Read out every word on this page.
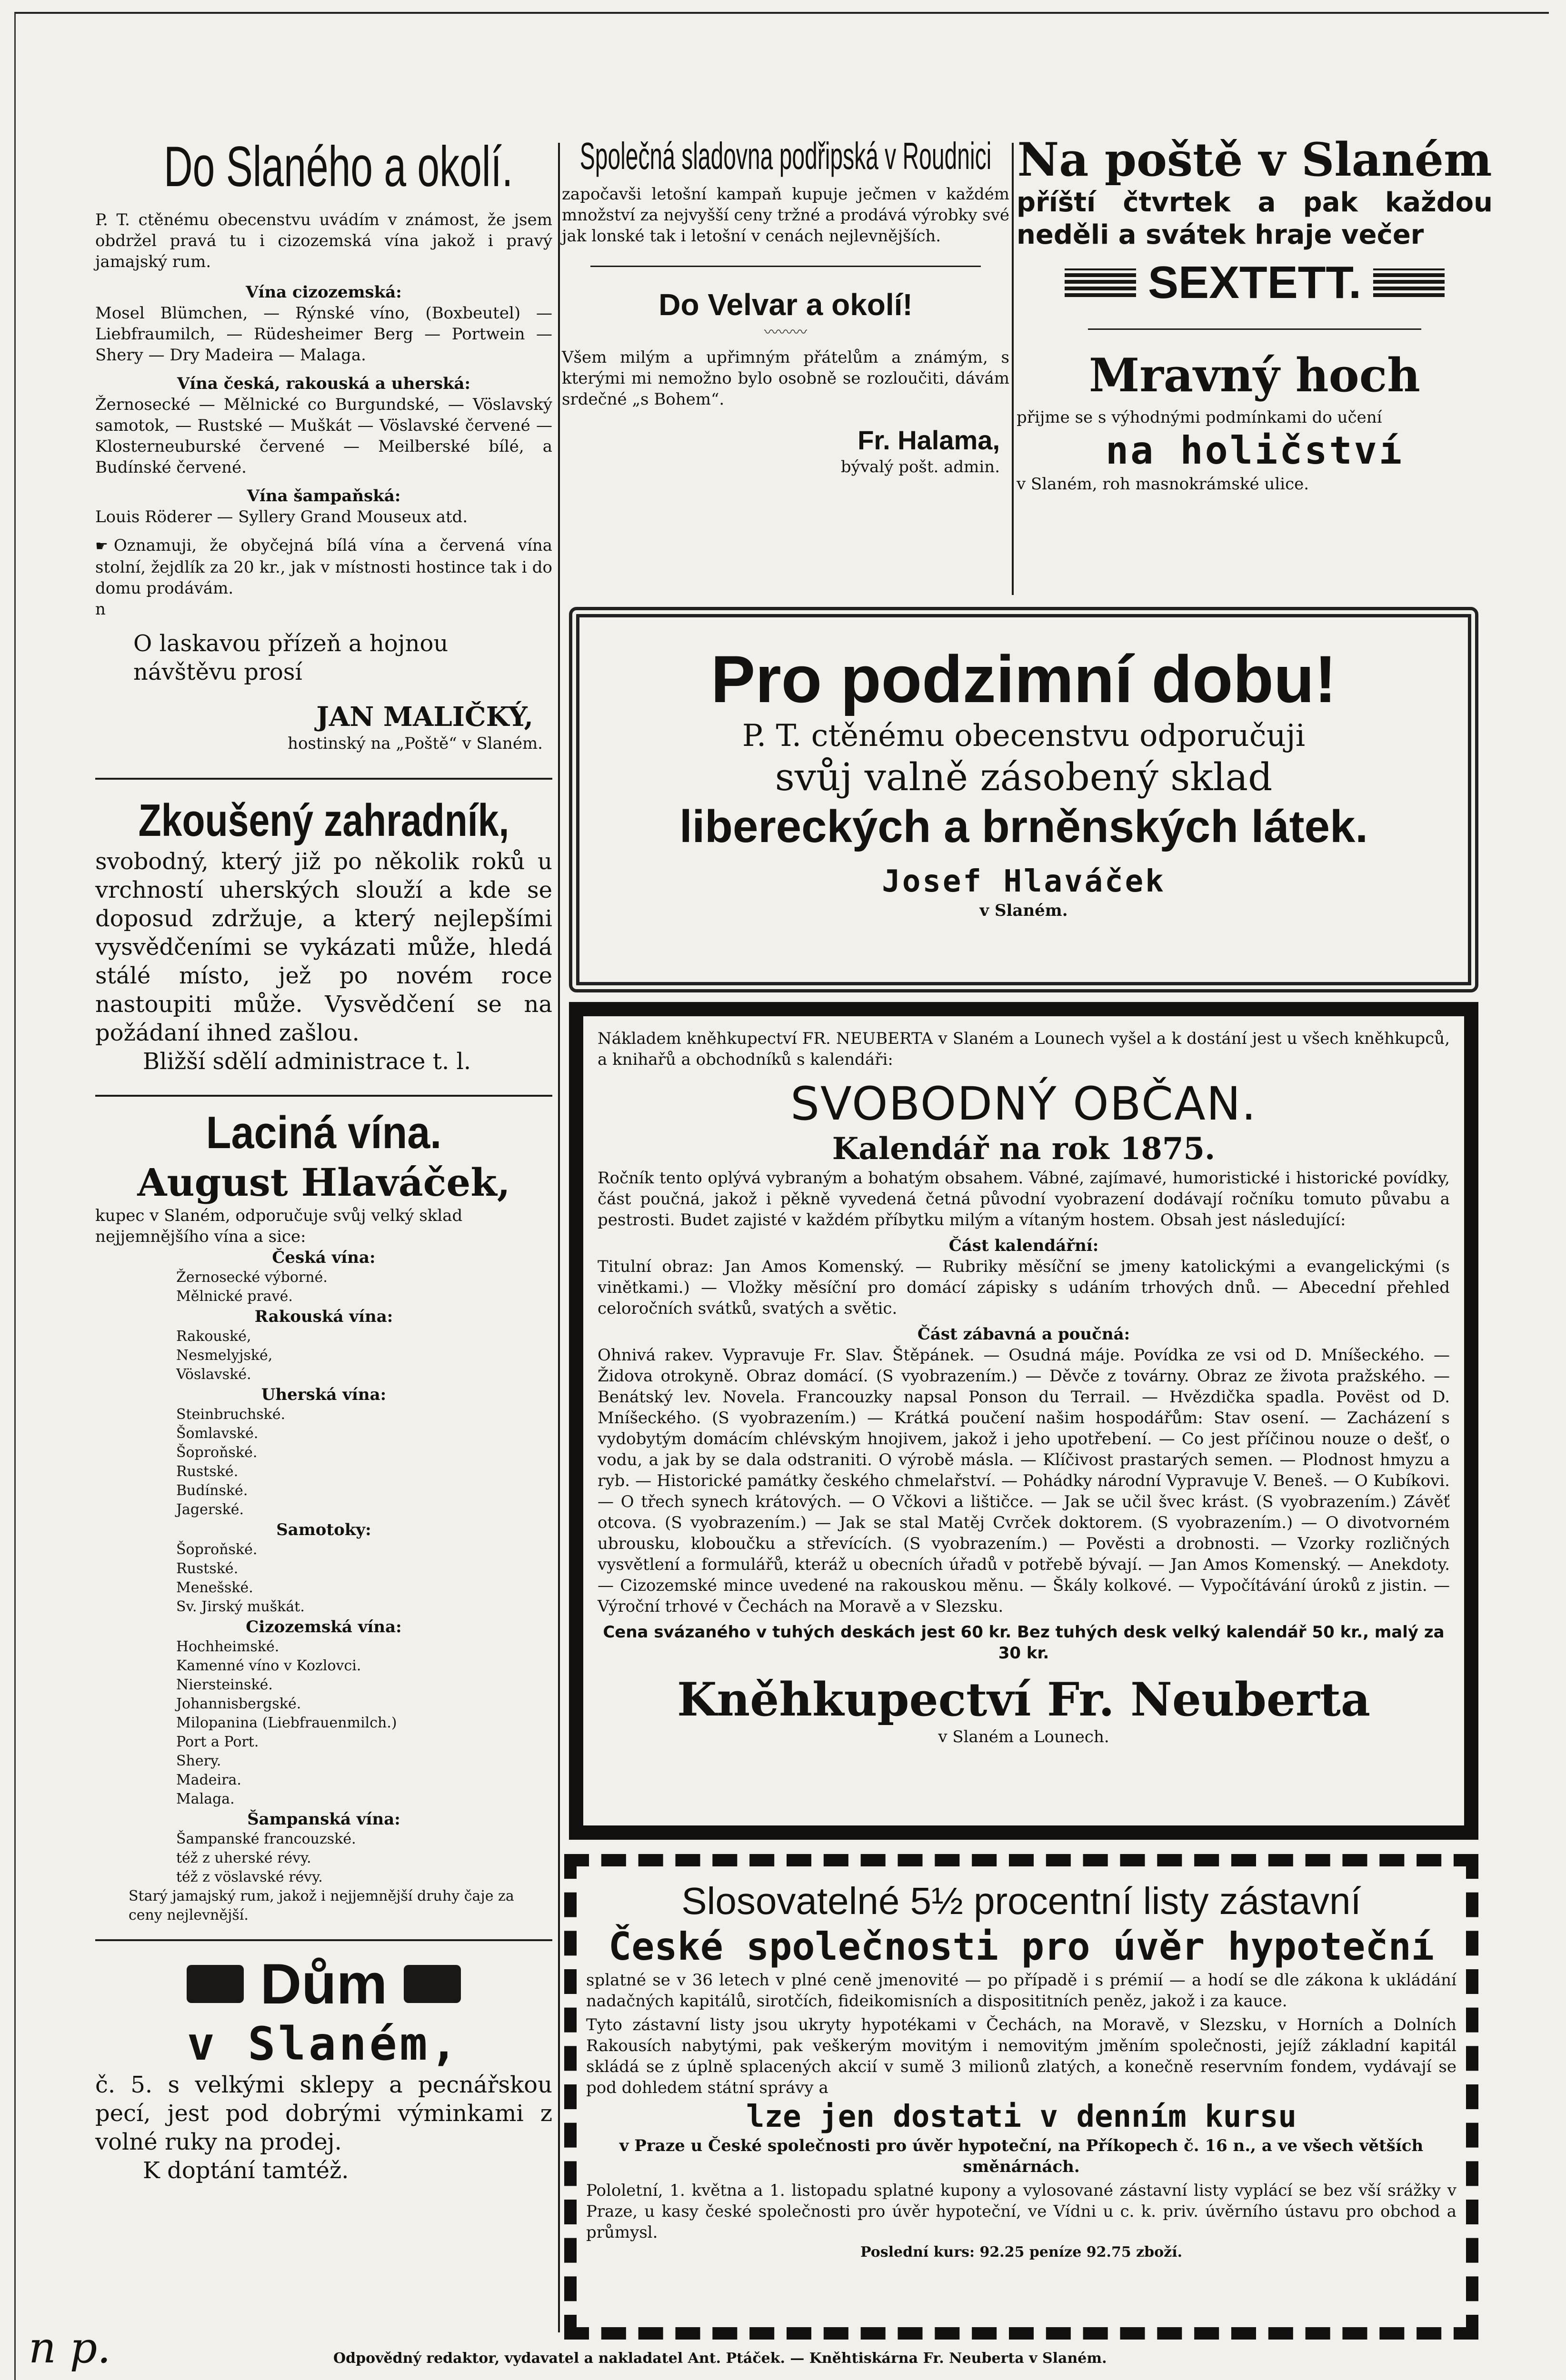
Do Slaného a okolí.
P. T. ctěnému obecenstvu uvádím v známost, že jsem obdržel pravá tu i cizozemská vína jakož i pravý jamajský rum.
Vína cizozemská:
Mosel Blümchen, — Rýnské víno, (Boxbeutel) — Liebfraumilch, — Rüdesheimer Berg — Portwein — Shery — Dry Madeira — Malaga.
Vína česká, rakouská a uherská:
Žernosecké — Mělnické co Burgundské, — Vöslavský samotok, — Rustské — Muškát — Vöslavské červené — Klosterneuburské červené — Meilberské bílé, a Budínské červené.
Vína šampaňská:
Louis Röderer — Syllery Grand Mouseux atd.
☛ Oznamuji, že obyčejná bílá vína a červená vína stolní, žejdlík za 20 kr., jak v místnosti hostince tak i do domu prodávám.
n
O laskavou přízeň a hojnou návštěvu prosí
JAN MALIČKÝ,
hostinský na „Poště“ v Slaném.
Zkoušený zahradník,
svobodný, který již po několik roků u vrchností uherských slouží a kde se doposud zdržuje, a který nejlepšími vysvědčeními se vykázati může, hledá stálé místo, jež po novém roce nastoupiti může. Vysvědčení se na požádaní ihned zašlou.
Bližší sdělí administrace t. l.
Laciná vína.
August Hlaváček,
kupec v Slaném, odporučuje svůj velký sklad nejjemnějšího vína a sice:
Česká vína:
Žernosecké výborné.
Mělnické pravé.
Rakouská vína:
Rakouské,
Nesmelyjské,
Vöslavské.
Uherská vína:
Steinbruchské.
Šomlavské.
Šoproňské.
Rustské.
Budínské.
Jagerské.
Samotoky:
Šoproňské.
Rustské.
Menešské.
Sv. Jirský muškát.
Cizozemská vína:
Hochheimské.
Kamenné víno v Kozlovci.
Niersteinské.
Johannisbergské.
Milopanina (Liebfrauenmilch.)
Port a Port.
Shery.
Madeira.
Malaga.
Šampanská vína:
Šampanské francouzské.
též z uherské révy.
též z vöslavské révy.
Starý jamajský rum, jakož i nejjemnější druhy čaje za ceny nejlevnější.
Dům
v Slaném,
č. 5. s velkými sklepy a pecnářskou pecí, jest pod dobrými výminkami z volné ruky na prodej.
K doptání tamtéž.
Společná sladovna podřipská v Roudnici
započavši letošní kampaň kupuje ječmen v každém množství za nejvyšší ceny tržné a prodává výrobky své jak lonské tak i letošní v cenách nejlevnějších.
Do Velvar a okolí!
〰〰〰
Všem milým a upřimným přátelům a známým, s kterými mi nemožno bylo osobně se rozloučiti, dávám srdečné „s Bohem“.
Fr. Halama,
bývalý pošt. admin.
Na poště v Slaném
příští čtvrtek a pak každou neděli a svátek hraje večer
SEXTETT.
Mravný hoch
přijme se s výhodnými podmínkami do učení
na holičství
v Slaném, roh masnokrámské ulice.
Pro podzimní dobu!
P. T. ctěnému obecenstvu odporučuji
svůj valně zásobený sklad
libereckých a brněnských látek.
Josef Hlaváček
v Slaném.
Nákladem kněhkupectví FR. NEUBERTA v Slaném a Lounech vyšel a k dostání jest u všech kněhkupců, a knihařů a obchodníků s kalendáři:
SVOBODNÝ OBČAN.
Kalendář na rok 1875.
Ročník tento oplývá vybraným a bohatým obsahem. Vábné, zajímavé, humoristické i historické povídky, část poučná, jakož i pěkně vyvedená četná původní vyobrazení dodávají ročníku tomuto půvabu a pestrosti. Budet zajisté v každém příbytku milým a vítaným hostem. Obsah jest následující:
Část kalendářní:
Titulní obraz: Jan Amos Komenský. — Rubriky měsíční se jmeny katolickými a evangelickými (s vinětkami.) — Vložky měsíční pro domácí zápisky s udáním trhových dnů. — Abecední přehled celoročních svátků, svatých a světic.
Část zábavná a poučná:
Ohnivá rakev. Vypravuje Fr. Slav. Štěpánek. — Osudná máje. Povídka ze vsi od D. Mníšeckého. — Židova otrokyně. Obraz domácí. (S vyobrazením.) — Děvče z továrny. Obraz ze života pražského. — Benátský lev. Novela. Francouzky napsal Ponson du Terrail. — Hvězdička spadla. Povëst od D. Mníšeckého. (S vyobrazením.) — Krátká poučení našim hospodářům: Stav osení. — Zacházení s vydobytým domácím chlévským hnojivem, jakož i jeho upotřebení. — Co jest příčinou nouze o dešť, o vodu, a jak by se dala odstraniti. O výrobě másla. — Klíčivost prastarých semen. — Plodnost hmyzu a ryb. — Historické památky českého chmelařství. — Pohádky národní Vypravuje V. Beneš. — O Kubíkovi. — O třech synech krátových. — O Včkovi a lištičce. — Jak se učil švec krást. (S vyobrazením.) Závěť otcova. (S vyobrazením.) — Jak se stal Matěj Cvrček doktorem. (S vyobrazením.) — O divotvorném ubrousku, kloboučku a střevících. (S vyobrazením.) — Pověsti a drobnosti. — Vzorky rozličných vysvětlení a formulářů, kteráž u obecních úřadů v potřebě bývají. — Jan Amos Komenský. — Anekdoty. — Cizozemské mince uvedené na rakouskou měnu. — Škály kolkové. — Vypočítávání úroků z jistin. — Výroční trhové v Čechách na Moravě a v Slezsku.
Cena svázaného v tuhých deskách jest 60 kr. Bez tuhých desk velký kalendář 50 kr., malý za 30 kr.
Kněhkupectví Fr. Neuberta
v Slaném a Lounech.
Slosovatelné 5½ procentní listy zástavní
České společnosti pro úvěr hypoteční
splatné se v 36 letech v plné ceně jmenovité — po případě i s prémií — a hodí se dle zákona k ukládání nadačných kapitálů, sirotčích, fideikomisních a disposititních peněz, jakož i za kauce.
Tyto zástavní listy jsou ukryty hypotékami v Čechách, na Moravě, v Slezsku, v Horních a Dolních Rakousích nabytými, pak veškerým movitým i nemovitým jměním společnosti, jejíž základní kapitál skládá se z úplně splacených akcií v sumě 3 milionů zlatých, a konečně reservním fondem, vydávají se pod dohledem státní správy a
lze jen dostati v denním kursu
v Praze u České společnosti pro úvěr hypoteční, na Příkopech č. 16 n., a ve všech větších směnárnách.
Pololetní, 1. května a 1. listopadu splatné kupony a vylosované zástavní listy vyplácí se bez vší srážky v Praze, u kasy české společnosti pro úvěr hypoteční, ve Vídni u c. k. priv. úvěrního ústavu pro obchod a průmysl.
Poslední kurs: 92.25 peníze 92.75 zboží.
Odpovědný redaktor, vydavatel a nakladatel Ant. Ptáček. — Kněhtiskárna Fr. Neuberta v Slaném.
n p.
